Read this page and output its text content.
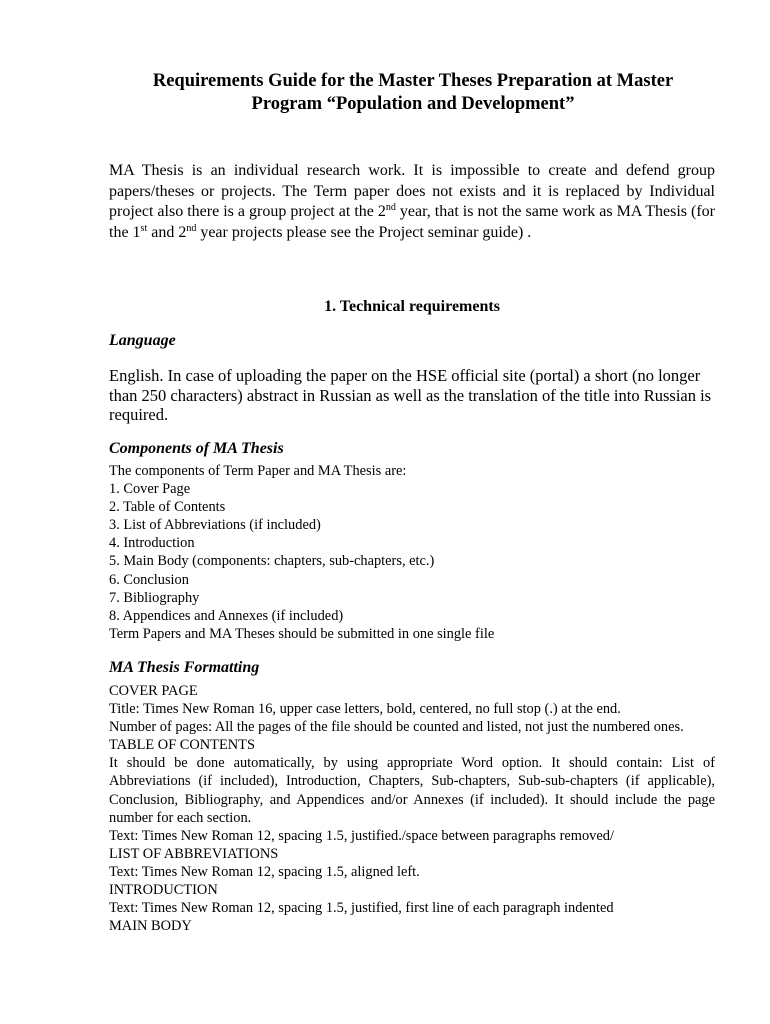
Requirements Guide for the Master Theses Preparation at Master
Program “Population and Development”
MA Thesis is an individual research work. It is impossible to create and defend group papers/theses or projects. The Term paper does not exists and it is replaced by Individual project also there is a group project at the 2nd year, that is not the same work as MA Thesis (for the 1st and 2nd year projects please see the Project seminar guide) .
1. Technical requirements
Language
English. In case of uploading the paper on the HSE official site (portal) a short (no longer than 250 characters) abstract in Russian as well as the translation of the title into Russian is required.
Components of MA Thesis
The components of Term Paper and MA Thesis are:
1. Cover Page
2. Table of Contents
3. List of Abbreviations (if included)
4. Introduction
5. Main Body (components: chapters, sub-chapters, etc.)
6. Conclusion
7. Bibliography
8. Appendices and Annexes (if included)
Term Papers and MA Theses should be submitted in one single file
MA Thesis Formatting
COVER PAGE
Title: Times New Roman 16, upper case letters, bold, centered, no full stop (.) at the end.
Number of pages: All the pages of the file should be counted and listed, not just the numbered ones.
TABLE OF CONTENTS
It should be done automatically, by using appropriate Word option. It should contain: List of Abbreviations (if included), Introduction, Chapters, Sub-chapters, Sub-sub-chapters (if applicable), Conclusion, Bibliography, and Appendices and/or Annexes (if included). It should include the page number for each section.
Text: Times New Roman 12, spacing 1.5, justified./space between paragraphs removed/
LIST OF ABBREVIATIONS
Text: Times New Roman 12, spacing 1.5, aligned left.
INTRODUCTION
Text: Times New Roman 12, spacing 1.5, justified, first line of each paragraph indented
MAIN BODY
